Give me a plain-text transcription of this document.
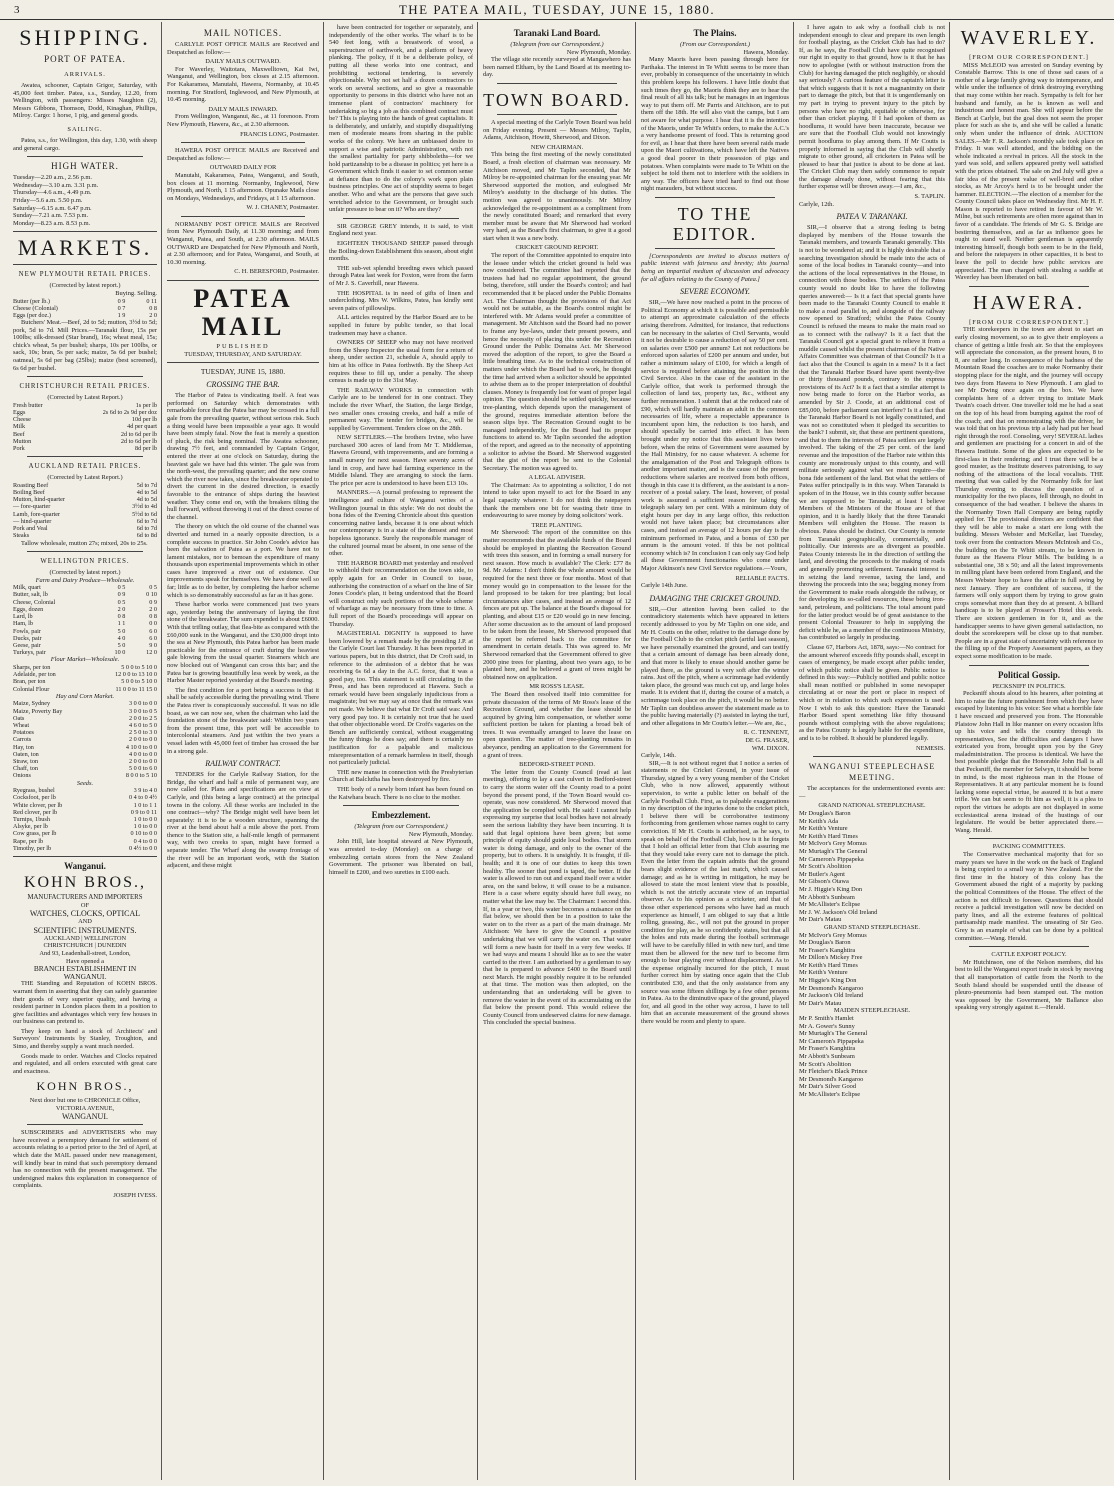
3	THE PATEA MAIL, TUESDAY, JUNE 15, 1880.
SHIPPING.
PORT OF PATEA.
ARRIVALS.

Awatea, schooner, Captain Grigor, Saturday, with 45,000 feet timber. Patea, s.s., Sunday, 12.20, from Wellington, with passengers: Misses Naughton (2), Messrs Gibbons, Thomson, Dodd, Kinaghan, Phillips, Milroy. Cargo: 1 horse, 1 pig, and general goods.

SAILING.

Patea, s.s., for Wellington, this day, 1.30, with sheep and general cargo.

HIGH WATER.

Tuesday—2.20 a.m., 2.56 p.m.

Wednesday—3.10 a.m. 3.31 p.m.

Thursday—4.6 a.m., 4.49 p.m.

Friday—5.6 a.m. 5.50 p.m.

Saturday—6.15 a.m. 6.47 p.m.

Sunday—7.21 a.m. 7.53 p.m.

Monday—8.23 a.m. 8.53 p.m.

MARKETS.
NEW PLYMOUTH RETAIL PRICES.
(Corrected by latest report.)
Buying. Selling.
Butter (per lb.)	0 9	0 11
Cheese (Colonial)	0 7	0 8
Eggs (per doz.)	1 9	2 0

Butchers' Meat.—Beef, 2d to 5d; mutton, 3½d to 5d; pork, 5d to 7d. Mill Prices.—Taranaki flour, 15s per 100lbs; silk-dressed (Star brand), 16s; wheat meal, 15s; chick's wheat, 5s per bushel; sharps, 10s per 100lbs, or sack, 10s; bran, 5s per sack; maize, 5s 6d per bushel; oatmeal, 5s 6d per bag (25lbs); maize (best screened), 6s 6d per bushel.

CHRISTCHURCH RETAIL PRICES.
(Corrected by Latest Report.)
Fresh butter	1s per lb
Eggs	2s 6d to 2s 9d per doz
Cheese	10d per lb
Milk	4d per quart
Beef	2d to 6d per lb
Mutton	2d to 6d per lb
Pork	8d per lb
AUCKLAND RETAIL PRICES.
(Corrected by Latest Report.)
Roasting Beef	5d to 7d
Boiling Beef	4d to 5d
Mutton, hind-quarter	4d to 5d
— fore-quarter	3½d to 4d
Lamb, fore-quarter	5½d to 6d
— hind-quarter	6d to 7d
Pork and Veal	6d to 7d
Steaks	6d to 8d

Tallow wholesale, mutton 27s; mixed, 20s to 25s.

WELLINGTON PRICES.
(Corrected by latest report.)
Farm and Dairy Produce—Wholesale.
Milk, quart	0 5	0 5
Butter, salt, lb	0 9	0 10
Cheese, Colonial	0 5	0 9
Eggs, dozen	2 0	2 0
Lard, lb	0 8	0 8
Ham, lb	1 1	0 0
Fowls, pair	5 0	6 0
Ducks, pair	4 0	6 0
Geese, pair	5 0	9 0
Turkeys, pair	10 0	12 0
Flour Market—Wholesale.
Sharps, per ton	5 0 0 to 5 10 0
Adelaide, per ton	12 0 0 to 13 10 0
Bran, per ton	5 0 0 to 5 10 0
Colonial Flour	11 0 0 to 11 15 0
Hay and Corn Market.
Maize, Sydney	3 0 0 to 0 0
Maize, Poverty Bay	3 0 0 to 0 5
Oats	2 0 0 to 2 5
Wheat	4 6 0 to 5 0
Potatoes	2 5 0 to 3 0
Carrots	2 0 0 to 0 0
Hay, ton	4 10 0 to 0 0
Oaten, ton	4 0 0 to 0 0
Straw, ton	2 0 0 to 0 0
Chaff, ton	5 0 0 to 6 0
Onions	8 0 0 to 5 10
Seeds.
Ryegrass, bushel	3 9 to 4 0
Cocksfoot, per lb	0 4 to 0 4½
White clover, per lb	1 0 to 1 1
Red clover, per lb	0 9 to 0 11
Turnips, 1bush	1 0 to 0 0
Alsyke, per lb	1 0 to 0 0
Cow grass, per lb	0 10 to 0 0
Rape, per lb	0 4 to 0 0
Timothy, per lb	0 4½ to 0 0
Wanganui.
KOHN BROS.,
MANUFACTURERS AND IMPORTERS
OF
WATCHES, CLOCKS, OPTICAL
AND
SCIENTIFIC INSTRUMENTS.
AUCKLAND | WELLINGTON
CHRISTCHURCH | DUNEDIN
And 93, Leadenhall-street, London,
Have opened a
BRANCH ESTABLISHMENT IN WANGANUI.

THE Standing and Reputation of KOHN BROS. warrant them in asserting that they can safely guarantee their goods of very superior quality, and having a resident partner in London places them in a position to give facilities and advantages which very few houses in our business can pretend to.

They keep on hand a stock of Architects' and Surveyors' Instruments by Stanley, Troughton, and Simo, and thereby supply a want much needed.

Goods made to order. Watches and Clocks repaired and regulated, and all orders executed with great care and exactness.

KOHN BROS.,
Next door but one to CHRONICLE Office,
VICTORIA AVENUE,
WANGANUI.

SUBSCRIBERS and ADVERTISERS who may have received a peremptory demand for settlement of accounts relating to a period prior to the 3rd of April, at which date the MAIL passed under new management, will kindly bear in mind that such peremptory demand has no connection with the present management. The undersigned makes this explanation in consequence of complaints.

JOSEPH IVESS.
MAIL NOTICES.

CARLYLE POST OFFICE MAILS are Received and Despatched as follow:—

DAILY MAILS OUTWARD.

For Waverley, Waitotara, Maxwelltown, Kai Iwi, Wanganui, and Wellington, box closes at 2.15 afternoon. For Kakaramea, Manutahi, Hawera, Normanby, at 10.45 morning. For Stratford, Inglewood, and New Plymouth, at 10.45 morning.

DAILY MAILS INWARD.

From Wellington, Wanganui, &c., at 11 forenoon. From New Plymouth, Hawera, &c., at 2.30 afternoon.

FRANCIS LONG, Postmaster.

HAWERA POST OFFICE MAILS are Received and Despatched as follow:—

OUTWARD DAILY FOR

Manutahi, Kakaramea, Patea, Wanganui, and South, box closes at 11 morning. Normanby, Inglewood, New Plymouth, and North, 1 15 afternoon. Opunake Mails close on Mondays, Wednesdays, and Fridays, at 1 15 afternoon.

W. J. CHANEY, Postmaster.

NORMANBY POST OFFICE MAILS are Received from New Plymouth Daily, at 11.30 morning; and from Wanganui, Patea, and South, at 2.30 afternoon. MAILS OUTWARD are Despatched for New Plymouth and North, at 2.30 afternoon; and for Patea, Wanganui, and South, at 10.30 morning.

C. H. BERESFORD, Postmaster.
PATEA MAIL
PUBLISHED
TUESDAY, THURSDAY, AND SATURDAY.
TUESDAY, JUNE 15, 1880.
CROSSING THE BAR.

The Harbor of Patea is vindicating itself. A feat was performed on Saturday which demonstrates with remarkable force that the Patea bar may be crossed in a full gale from the prevailing quarter, without serious risk. Such a thing would have been impossible a year ago. It would have been simply fatal. Now the feat is merely a question of pluck, the risk being nominal. The Awatea schooner, drawing 7½ feet, and commanded by Captain Grigor, entered the river at one o'clock on Saturday, during the heaviest gale we have had this winter. The gale was from the north-west, the prevailing quarter; and the new course which the river now takes, since the breakwater operated to divert the current in the desired direction, is exactly favorable to the entrance of ships during the heaviest weather. They come end on, with the breakers tilting the hull forward, without throwing it out of the direct course of the channel.

The theory on which the old course of the channel was diverted and turned in a nearly opposite direction, is a complete success in practice. Sir John Coode's advice has been the salvation of Patea as a port. We have not to lament mistakes, nor to bemoan the expenditure of many thousands upon experimental improvements which in other cases have improved a river out of existence. Our improvements speak for themselves. We have done well so far; little as to do better, by completing the harbor scheme which is so demonstrably successful as far as it has gone.

These harbor works were commenced just two years ago, yesterday being the anniversary of laying the first stone of the breakwater. The sum expended is about £6000. With that trifling outlay, that flea-bite as compared with the £60,000 sunk in the Wanganui, and the £30,000 dropt into the sea at New Plymouth, this Patea harbor has been made practicable for the entrance of craft during the heaviest gale blowing from the usual quarter. Steamers which are now blocked out of Wanganui can cross this bar; and the Patea bar is growing beautifully less week by week, as the Harbor Master reported yesterday at the Board's meeting.

The first condition for a port being a success is that it shall be safely accessible during the prevailing wind. There the Patea river is conspicuously successful. It was no idle boast, as we can now see, when the chairman who laid the foundation stone of the breakwater said: Within two years from the present time, this port will be accessible to intercolonial steamers. And just within the two years a vessel laden with 45,000 feet of timber has crossed the bar in a strong gale.

RAILWAY CONTRACT.

TENDERS for the Carlyle Railway Station, for the Bridge, the wharf and half a mile of permanent way, are now called for. Plans and specifications are on view at Carlyle, and (this being a large contract) at the principal towns in the colony. All these works are included in the one contract—why? The Bridge might well have been let separately: it is to be a wooden structure, spanning the river at the bend about half a mile above the port. From thence to the Station site, a half-mile length of permanent way, with two creeks to span, might have formed a separate tender. The Wharf along the swamp frontage of the river will be an important work, with the Station adjacent, and these might

have been contracted for together or separately, and independently of the other works. The wharf is to be 540 feet long, with a breastwork of wood, a superstructure of earthwork, and a platform of heavy planking. The policy, if it be a deliberate policy, of putting all these works into one contract, and prohibiting sectional tendering, is severely objectionable. Why not set half a dozen contractors to work on several sections, and so give a reasonable opportunity to persons in this district who have not an immense plant of contractors' machinery for undertaking so big a job as this combined contract must be? This is playing into the hands of great capitalists. It is deliberately, and unfairly, and stupidly disqualifying men of moderate means from sharing in the public works of the colony. We have an unbiassed desire to support a wise and patriotic Administration, with not the smallest partiality for party shibboleths—for we hold partizanship to be a disease in politics; yet here is a Government which finds it easier to set common sense at defiance than to do the colony's work upon plain business principles. One act of stupidity seems to beget another. Who and what are the persons that gave such wretched advice to the Government, or brought such unfair pressure to bear on it? Who are they?

SIR GEORGE GREY intends, it is said, to visit England next year.

EIGHTEEN THOUSAND SHEEP passed through the Boiling-down Establishment this season, about eight months.

THE sub-vet splendid breeding ewes which passed through Patea last week for Foxton, were from the farm of Mr J. S. Caverhill, near Hawera.

THE HOSPITAL is in need of gifts of linen and underclothing. Mrs W. Wilkins, Patea, has kindly sent seven pairs of pillowslips.

ALL articles required by the Harbor Board are to be supplied in future by public tender, so that local tradesmen may have a chance.

OWNERS OF SHEEP who may not have received from the Sheep Inspector the usual form for a return of sheep, under section 21, schedule A, should apply to him at his office in Patea forthwith. By the Sheep Act requires these to fill up, under a penalty. The sheep census is made up to the 31st May.

THE RAILWAY WORKS in connection with Carlyle are to be tendered for in one contract. They include the river Wharf, the Station, the large Bridge, two smaller ones crossing creeks, and half a mile of permanent way. The tender for bridges, &c., will be supplied by Government. Tenders close on the 28th.

NEW SETTLERS.—The brothers Irvine, who have purchased 300 acres of land from Mr T. Middlemas, Hawera Ground, with improvements, and are forming a small nursery for next season. Have seventy acres of land in crop, and have had farming experience in the Middle Island. They are arranging to stock the farm. The price per acre is understood to have been £13 10s.

MANNERS.—A journal professing to represent the intelligence and culture of Wanganui writes of a Wellington journal in this style: We do not doubt the bona fides of the Evening Chronicle about this question concerning native lands, because it is one about which our contemporary is in a state of the densest and most hopeless ignorance. Surely the responsible manager of the cultured journal must be absent, in one sense of the other.

THE HARBOR BOARD met yesterday and resolved to withhold their recommendation on the town side, to apply again for an Order in Council to issue, authorising the construction of a wharf on the line of Sir Jones Coode's plan, it being understood that the Board will construct only such portions of the whole scheme of wharfage as may be necessary from time to time. A full report of the Board's proceedings will appear on Thursday.

MAGISTERIAL DIGNITY is supposed to have been lowered by a remark made by the presiding J.P. at the Carlyle Court last Thursday. It has been reported in various papers, but in this district, that Dr Croft said, in reference to the admission of a debtor that he was receiving 6s 6d a day in the A.C. force, that it was a good pay, too. This statement is still circulating in the Press, and has been reproduced at Hawera. Such a remark would have been singularly injudicious from a magistrate; but we may say at once that the remark was not made. We believe that what Dr Croft said was: And very good pay too. It is certainly not true that he used that other objectionable word. Dr Croft's vagaries on the Bench are sufficiently comical, without exaggerating the funny things he does say; and there is certainly no justification for a palpable and malicious misrepresentation of a remark harmless in itself, though not particularly judicial.

THE new manse in connection with the Presbyterian Church at Balclutha has been destroyed by fire.

THE body of a newly born infant has been found on the Kaiwhara beach. There is no clue to the mother.

Embezzlement.
(Telegram from our Correspondent.)
New Plymouth, Monday.

John Hill, late hospital steward at New Plymouth, was arrested to-day (Monday) on a charge of embezzling certain stores from the New Zealand Government. The prisoner was liberated on bail, himself in £200, and two sureties in £100 each.

Taranaki Land Board.
(Telegram from our Correspondent.)
New Plymouth, Monday.

The village site recently surveyed at Mangawhero has been named Eltham, by the Land Board at its meeting to-day.

TOWN BOARD.

A special meeting of the Carlyle Town Board was held on Friday evening. Present — Messrs Milroy, Taplin, Adams, Aitchison, Howitt, Sherwood, and Dixon.

NEW CHAIRMAN.

This being the first meeting of the newly constituted Board, a fresh election of chairman was necessary. Mr Aitchison moved, and Mr Taplin seconded, that Mr Milroy be re-appointed chairman for the ensuing year. Mr Sherwood supported the motion, and eulogised Mr Milroy's assiduity in the discharge of his duties. The motion was agreed to unanimously. Mr Milroy acknowledged the re-appointment as a compliment from the newly constituted Board; and remarked that every member must be aware that Mr Sherwood had worked very hard, as the Board's first chairman, to give it a good start when it was a new body.

CRICKET GROUND REPORT.

The report of the Committee appointed to enquire into the lessee under which the cricket ground is held was now considered. The committee had reported that the trustees had had no regular appointment, the ground being, therefore, still under the Board's control; and had recommended that it be placed under the Public Domains Act. The Chairman thought the provisions of that Act would not be suitable, as the Board's control might be interfered with. Mr Adams would prefer a committee of management. Mr Aitchison said the Board had no power to frame any bye-laws, under their present powers, and hence the necessity of placing this under the Recreation Ground under the Public Domains Act. Mr Sherwood moved the adoption of the report, to give the Board a little breathing time. As to the technical construction of matters under which the Board had to work, he thought the time had arrived when a solicitor should be appointed to advise them as to the proper interpretation of doubtful clauses. Money is frequently lost for want of proper legal opinion. The question should be settled quickly, because tree-planting, which depends upon the management of the ground, requires immediate attention before the season slips bye. The Recreation Ground ought to be managed independently, for the Board had its proper functions to attend to. Mr Taplin seconded the adoption of the report, and agreed as to the necessity of appointing a solicitor to advise the Board. Mr Sherwood suggested that the gist of the report be sent to the Colonial Secretary. The motion was agreed to.

A LEGAL ADVISER.

The Chairman: As to appointing a solicitor, I do not intend to take upon myself to act for the Board in any legal capacity whatever. I do not think the ratepayers thank the members one bit for wasting their time in endeavouring to save money by doing solicitors' work.

TREE PLANTING.

Mr Sherwood: The report of the committee on this matter recommends that the available funds of the Board should be employed in planting the Recreation Ground with trees this season, and in forming a small nursery for next season. How much is available? The Clerk: £77 8s 9d. Mr Adams: I don't think the whole amount would be required for the next three or four months. Most of that money would go in compensation to the lessee for the land proposed to be taken for tree planting; but local circumstances alter cases, and instead an average of 12 fences are put up. The balance at the Board's disposal for planting, and about £15 or £20 would go in new fencing. After some discussion as to the amount of land proposed to be taken from the lessee, Mr Sherwood proposed that the report be referred back to the committee for amendment in certain details. This was agreed to. Mr Sherwood remarked that the Government offered to give 2000 pine trees for planting, about two years ago, to be planted here, and he believed a grant of trees might be obtained now on application.

MR ROSS'S LEASE.

The Board then resolved itself into committee for private discussion of the terms of Mr Ross's lease of the Recreation Ground, and whether the lease should be acquired by giving him compensation, or whether some sufficient portion be taken for planting a broad belt of trees. It was eventually arranged to leave the lease on open question. The matter of tree-planting remains in abeyance, pending an application to the Government for a grant of trees.

BEDFORD-STREET POND.

The letter from the County Council (read at last meeting), offering to lay a cast culvert in Bedford-street to carry the storm water off the County road to a point beyond the present pond, if the Town Board would co-operate, was now considered. Mr Sherwood moved that the application be complied with. He said: I cannot help expressing my surprise that local bodies have not already seen the serious liability they have been incurring. It is said that legal opinions have been given; but some principle of equity should guide local bodies. That storm water is doing damage, and only to the owner of the property, but to others. It is unsightly. It is fraught, if ill-health; and it is one of our duties to keep this town healthy. The sooner that pond is taped, the better. If the water is allowed to run out and expand itself over a wider area, on the sand below, it will cease to be a nuisance. Here is a case where equity should have full sway, no matter what the law may be. The Chairman: I second this. If, in a year or two, this water becomes a nuisance on the flat below, we should then be in a position to take the water on to the river as a part of the main drainage. Mr Aitchison: We have to give the Council a positive undertaking that we will carry the water on. That water will form a new basin for itself in a very few weeks. If we had ways and means I should like as to see the water carried to the river. I am authorised by a gentleman to say that he is prepared to advance £400 to the Board until next March. He might possibly require it to be refunded at that time. The motion was then adopted, on the understanding that an undertaking will be given to remove the water in the event of its accumulating on the flat below the present pond. This would relieve the County Council from undeserved claims for new damage. This concluded the special business.

The Plains.
(From our Correspondent.)
Hawera, Monday.

Many Maoris have been passing through here for Parihaka. The interest in Te Whiti seems to be more than ever, probably in consequence of the uncertainty in which this problem keeps his followers. I have little doubt that such times they go, the Maoris think they are to hear the final result of all his talk; but he manages in an ingenious way to put them off. Mr Parris and Aitchison, are to put them off the 18th. He will also visit the camps, but I am not aware for what purpose. I hear that it is the intention of the Maoris, under Te Whiti's orders, to make the A.C.'s a very handsome present of food. This is returning good for evil, as I hear that there have been several raids made upon the Maori cultivations, which have left the Natives a good deal poorer in their possession of pigs and potatoes. When complaints were made to Te Whiti on the subject he told them not to interfere with the soldiers in any way. The officers have tried hard to find out those night marauders, but without success.

TO THE EDITOR.

[Correspondents are invited to discuss matters of public interest with fairness and brevity; this journal being an impartial medium of discussion and advocacy for all affairs relating to the County of Patea.]

SEVERE ECONOMY.

SIR,—We have now reached a point in the process of Political Economy at which it is possible and permissible to attempt an approximate calculation of the effects arising therefrom. Admitted, for instance, that reductions can be necessary in the salaries of Civil Servants, would it not be desirable to cause a reduction of say 50 per cent. on salaries over £500 per annum? Let not reductions be enforced upon salaries of £200 per annum and under, but rather a minimum salary of £100, for which a length of service is required before attaining the position in the Civil Service. Also in the case of the assistant in the Carlyle office, that work is performed through the collection of land tax, property tax, &c., without any further remuneration. I submit that at the reduced rate of £90, which will hardly maintain an adult in the common necessaries of life, where a respectable appearance is incumbent upon him, the reduction is too harsh, and should specially be carried into effect. It has been brought under my notice that this assistant lives twice before, when the reins of Government were assumed by the Hall Ministry, for no cause whatever. A scheme for the amalgamation of the Post and Telegraph offices is another important matter, and is the cause of the present reductions where salaries are received from both offices, though in this case it is different, as the assistant is a non-receiver of a postal salary. The least, however, of postal work is assumed a sufficient reason for taking the telegraph salary ten per cent. With a minimum duty of eight hours per day in any large office, this reduction would not have taken place; but circumstances alter cases, and instead an average of 12 hours per day is the minimum performed in Patea, and a bonus of £30 per annum is the amount voted. If this be not political economy which is? In conclusion I can only say God help all these Government functionaries who come under Major Atkinson's new Civil Service regulations.—Yours,

RELIABLE FACTS.
Carlyle 14th June.
DAMAGING THE CRICKET GROUND.

SIR,—Our attention having been called to the contradictory statements which have appeared in letters recently addressed to you by Mr Taplin on one side, and Mr H. Coutts on the other, relative to the damage done by the Football Club to the cricket pitch (artful last season), we have personally examined the ground, and can testify that a certain amount of damage has been already done, and that more is likely to ensue should another game be played there, as the ground is very soft after the winter rains. Just off the pitch, where a scrimmage had evidently taken place, the ground was much cut up, and large holes made. It is evident that if, during the course of a match, a scrimmage took place on the pitch, it would be no better. Mr Taplin can doubtless answer the statement made as to the public having materially (?) assisted in laying the turf, and other allegations in Mr Coutts's letter.—We are, &c.,

R. C. TENNENT,
DE G. FRASER,
WM. DIXON.
Carlyle, 14th.

SIR,—It is not without regret that I notice a series of statements re the Cricket Ground, in your issue of Thursday, signed by a very young member of the Cricket Club, who is now allowed, apparently without supervision, to write a public letter on behalf of the Carlyle Football Club. First, as to palpable exaggerations in my description of the injuries done to the cricket pitch, I believe there will be corroborative testimony forthcoming from gentlemen whose names ought to carry conviction. If Mr H. Coutts is authorised, as he says, to speak on behalf of the Football Club, how is it he forgets that I hold an official letter from that Club assuring me that they would take every care not to damage the pitch. Even the letter from the captain admits that the ground bears slight evidence of the last match, which caused damage; and as he is writing in mitigation, he may be allowed to state the most lenient view that is possible, which is not the strictly accurate view of an impartial observer. As to his opinion as a cricketer, and that of those other experienced persons who have had as much experience as himself, I am obliged to say that a little rolling, grassing, &c., will not put the ground in proper condition for play, as he so confidently states, but that all the holes and ruts made during the football scrimmage will have to be carefully filled in with new turf, and time must then be allowed for the new turf to become firm enough to bear playing over without displacement. As to the expense originally incurred for the pitch, I must further correct him by stating once again that the Club contributed £30, and that the only assistance from any source was some fifteen shillings by a few other persons in Patea. As to the diminutive space of the ground, played for, and all good in the other way across, I have to tell him that an accurate measurement of the ground shows there would be room and plenty to spare.

I have again to ask why a football club is not independent enough to clear and prepare its own length for football playing, as the Cricket Club has had to do? If, as he says, the Football Club have quite recognised our right in equity to that ground, how is it that he has now to apologise (with or without instruction from the Club) for having damaged the pitch negligibly, or should say seriously? A curious feature of the captain's letter is that which suggests that it is not a magnanimity on their part to damage the pitch, but that it is ungentlemanly on my part in trying to prevent injury to the pitch by persons who have no right, equitable or otherwise, for other than cricket playing. If I had spoken of them as hoodlums, it would have been inaccurate, because we are sure that the Football Club would not knowingly permit hoodlums to play among them. If Mr Coutts is properly informed in saying that the Club will shortly migrate to other ground, all cricketers in Patea will be pleased to hear that justice is about to be done at last. The Cricket Club may then safely commence to repair the damage already done, without fearing that this further expense will be thrown away.—I am, &c.,

S. TAPLIN.
Carlyle, 12th.
PATEA V. TARANAKI.

SIR,—I observe that a strong feeling is being displayed by members of the House towards the Taranaki members, and towards Taranaki generally. This is not to be wondered at; and it is highly desirable that a searching investigation should be made into the acts of some of the local bodies in Taranaki county—and into the actions of the local representatives in the House, in connection with those bodies. The settlers of the Patea county would no doubt like to have the following queries answered:— Is it a fact that special grants have been made to the Taranaki County Council to enable it to make a road parallel to, and alongside of the railway now opened to Stratford; whilst the Patea County Council is refused the means to make the main road so as to connect with the railway? Is it a fact that the Taranaki Council got a special grant to relieve it from a muddle caused whilst the present chairman of the Native Affairs Committee was chairman of that Council? Is it a fact also that the Council is again in a mess? Is it a fact that the Taranaki Harbor Board have spent twenty-five or thirty thousand pounds, contrary to the express provisions of its Act? Is it a fact that a similar attempt is now being made to force on the Harbor works, as amended by Sir J. Coode, at an additional cost of £85,000, before parliament can interfere? Is it a fact that the Taranaki Harbor Board is not legally constituted, and was not so constituted when it pledged its securities to the bank? I submit, sir, that these are pertinent questions, and that to them the interests of Patea settlers are largely involved. The taking of the 25 per cent. of the land revenue and the imposition of the Harbor rate within this county are monstrously unjust to this county, and will militate seriously against what we most require—the bona fide settlement of the land. But what the settlers of Patea suffer principally is in this way. When Taranaki is spoken of in the House, we in this county suffer because we are supposed to be Taranaki; at least I believe Members of the Ministers of the House are of that opinion, and it is hardly likely that the three Taranaki Members will enlighten the House. The reason is obvious. Patea should be distinct. Our County is remote from Taranaki geographically, commercially, and politically. Our interests are as divergent as possible. Patea County interests lie in the direction of settling the land, and devoting the proceeds to the making of roads and generally promoting settlement. Taranaki interest is in seizing the land revenue, taxing the land, and throwing the proceeds into the sea; begging money from the Government to make roads alongside the railway, or for developing its so-called resources, these being iron-sand, petroleum, and politicians. The total amount paid for the latter product would be of great assistance to the present Colonial Treasurer to help in supplying the deficit while he, as a member of the continuous Ministry, has contributed so largely in producing.

Clause 67, Harbors Act, 1878, says:—No contract for the amount whereof exceeds fifty pounds shall, except in cases of emergency, be made except after public tender, of which public notice shall be given. Public notice is defined in this way:—Publicly notified and public notice shall mean notified or published in some newspaper circulating at or near the port or place in respect of which or in relation to which such expression is used. Now I wish to ask this question: Have the Taranaki Harbor Board spent something like fifty thousand pounds without complying with the above regulations; as the Patea County is largely liable for the expenditure, and is to be robbed. It should be plundered legally.

NEMESIS.
WANGANUI STEEPLECHASE MEETING.

The acceptances for the undermentioned events are:—

GRAND NATIONAL STEEPLECHASE.

Mr Douglas's Baron

Mr Keith's Ada

Mr Keith's Venture

Mr Keith's Hard Times

Mr McIvor's Grey Momus

Mr Murtagh's The General

Mr Cameron's Pippapeka

Mr Scott's Abolition

Mr Butler's Agent

Mr Gibson's Otawa

Mr J. Higgie's King Don

Mr Abbott's Sunbeam

Mr McAllister's Eclipse

Mr J. W. Jackson's Old Ireland

Mr Dair's Matau

GRAND STAND STEEPLECHASE.

Mr McIvor's Grey Momus

Mr Douglas's Baron

Mr Fraser's Kanghtira

Mr Dillon's Mickey Free

Mr Keith's Hard Times

Mr Keith's Venture

Mr Higgie's King Don

Mr Desmond's Kangaroo

Mr Jackson's Old Ireland

Mr Dair's Matau

MAIDEN STEEPLECHASE.

Mr P. Smith's Hamlet

Mr A. Gower's Sunny

Mr Murtagh's The General

Mr Cameron's Pippapeka

Mr Fraser's Kanghtira

Mr Abbott's Sunbeam

Mr Scott's Abolition

Mr Fletcher's Black Prince

Mr Desmond's Kangaroo

Mr Dair's Silver Good

Mr McAllister's Eclipse

WAVERLEY.
[FROM OUR CORRESPONDENT.]

MISS McLEOD was arrested on Sunday evening by Constable Barrow. This is one of those sad cases of a mother of a large family giving way to intemperance, and while under the influence of drink destroying everything that may come within her reach. Sympathy is felt for her husband and family, as he is known as well and industrious and honest man. She will appear before the Bench at Carlyle, but the goal does not seem the proper place for such as she is, and she will be called a lunatic only when under the influence of drink. AUCTION SALES.—Mr F. R. Jackson's monthly sale took place on Friday. It was well attended, and the bidding on the whole indicated a revival in prices. All the stock in the yard was sold, and sellers appeared pretty well satisfied with the prices obtained. The sale on 2nd July will give a fair idea of the present value of well-bred and other stocks, as Mr Arcoy's herd is to be brought under the hammer. ELECTION.—The election of a member for the County Council takes place on Wednesday first. Mr H. F. Mason is reported to have retired in favour of Mr W. Milne, but such retirements are often more against than in favor of a candidate. The friends of Mr G. S. Bridge are bestirring themselves, and as far as influence goes he ought to stand well. Neither gentleman is apparently interesting himself, though both seem to be in the field, and before the ratepayers in other capacities, it is best to leave the poll to decide how public services are appreciated. The man charged with stealing a saddle at Waverley has been liberated on bail.

HAWERA.
[FROM OUR CORRESPONDENT.]

THE storekeepers in the town are about to start an early closing movement, so as to give their employees a chance of getting a little fresh air. So that the employees will appreciate the concession, as the present hours, 8 to 8, are rather long. In consequence of the badness of the Mountain Road the coaches are to make Normanby their stopping place for the night, and the journey will occupy two days from Hawera to New Plymouth. I am glad to see Mr Dwing once again on the box. We have complaints here of a driver trying to imitate Mark Twain's coach driver. One traveller told me he had a seat on the top of his head from bumping against the roof of the coach; and that on remonstrating with the driver, he was told that on his previous trip a lady had put her head right through the roof. Consoling, very! SEVERAL ladies and gentlemen are practising for a concert in aid of the Hawera Institute. Some of the glees are expected to be first-class in their rendering; and I trust there will be a good muster, as the Institute deserves patronising, to say nothing of the attractions of the local vocalists. THE meeting that was called by the Normanby folk for last Thursday evening to discuss the question of a municipality for the two places, fell through, no doubt in consequence of the bad weather. I believe the shares in the Normanby Town Hall Company are being rapidly applied for. The provisional directors are confident that they will be able to make a start ere long with the building. Messrs Webster and McKellar, last Tuesday, took over from the contractors Messrs McIntosh and Co., the building on the Te Whiti stream, to be known in future as the Hawera Flour Mills. The building is a substantial one, 38 x 50; and all the latest improvements in milling plant have been ordered from England, and the Messrs Webster hope to have the affair in full swing by next January. They are confident of success, if the farmers will only support them by trying to grow grain crops somewhat more than they do at present. A billiard handicap is to be played at Prosser's Hotel this week. There are sixteen gentlemen in for it, and as the handicapper seems to have given general satisfaction, no doubt the scorekeepers will be close up to that number. People are in a great state of uncertainty with reference to the filling up of the Property Assessment papers, as they expect some modification to be made.

Political Gossip.
PECKSNIFF IN POLITICS.

Pecksniff shouts aloud to his hearers, after pointing at him to raise the future punishment from which they have escaped by listening to his voice: See what a horrible fate I have rescued and preserved you from. The Honorable Plaistow John Hall in like manner on every occasion lifts up his voice and tells the country through its representatives, See the difficulties and dangers I have extricated you from, brought upon you by the Grey maladministration. The process is identical. We have the best possible pledge that the Honorable John Hall is all that Pecksniff, the member for Selwyn, it should be borne in mind, is the most righteous man in the House of Representatives. It at any particular moment he is found lacking some especial virtue, be assured it is but a mere trifle. We can but seem to fit him as well, it is a plea to report the virtues he adopts are not displayed in some ecclesiastical arena instead of the hustings of our legislature. He would be better appreciated there.—Wang. Herald.

PACKING COMMITTEES.

The Conservative mechanical majority that for so many years we have in the work on the back of England is being copied to a small way in New Zealand. For the first time in the history of this colony has the Government abused the right of a majority by packing the political Committees of the House. The effect of the action is not difficult to foresee. Questions that should receive a judicial investigation will now be decided on party lines, and all the extreme features of political partisanship made manifest. The unseating of Sir Geo. Grey is an example of what can be done by a political committee.—Wang. Herald.

CATTLE EXPORT POLICY.

Mr Hutchinson, one of the Nelson members, did his best to kill the Wanganui export trade in stock by moving that all transportation of cattle from the North to the South Island should be suspended until the disease of pleuro-pneumonia had been stamped out. The motion was opposed by the Government, Mr Ballance also speaking very strongly against it.—Herald.
